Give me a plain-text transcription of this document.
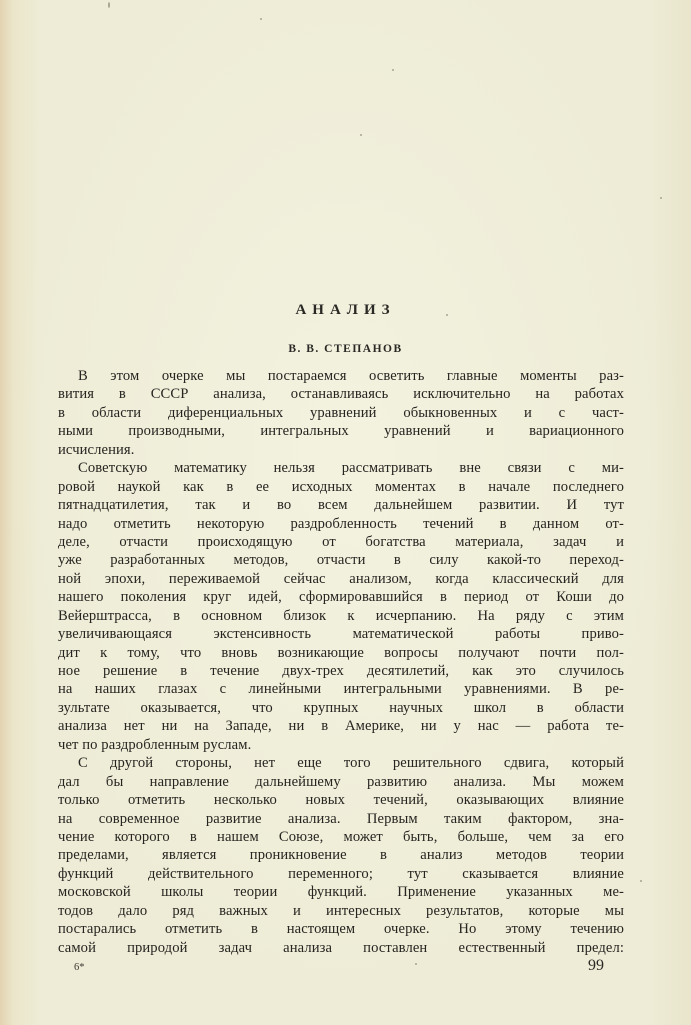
АНАЛИЗ
В. В. СТЕПАНОВ
В этом очерке мы постараемся осветить главные моменты раз-
вития в СССР анализа, останавливаясь исключительно на работах
в области диференциальных уравнений обыкновенных и с част-
ными производными, интегральных уравнений и вариационного
исчисления.
Советскую математику нельзя рассматривать вне связи с ми-
ровой наукой как в ее исходных моментах в начале последнего
пятнадцатилетия, так и во всем дальнейшем развитии. И тут
надо отметить некоторую раздробленность течений в данном от-
деле, отчасти происходящую от богатства материала, задач и
уже разработанных методов, отчасти в силу какой-то переход-
ной эпохи, переживаемой сейчас анализом, когда классический для
нашего поколения круг идей, сформировавшийся в период от Коши до
Вейерштрасса, в основном близок к исчерпанию. На ряду с этим
увеличивающаяся экстенсивность математической работы приво-
дит к тому, что вновь возникающие вопросы получают почти пол-
ное решение в течение двух-трех десятилетий, как это случилось
на наших глазах с линейными интегральными уравнениями. В ре-
зультате оказывается, что крупных научных школ в области
анализа нет ни на Западе, ни в Америке, ни у нас — работа те-
чет по раздробленным руслам.
С другой стороны, нет еще того решительного сдвига, который
дал бы направление дальнейшему развитию анализа. Мы можем
только отметить несколько новых течений, оказывающих влияние
на современное развитие анализа. Первым таким фактором, зна-
чение которого в нашем Союзе, может быть, больше, чем за его
пределами, является проникновение в анализ методов теории
функций действительного переменного; тут сказывается влияние
московской школы теории функций. Применение указанных ме-
тодов дало ряд важных и интересных результатов, которые мы
постарались отметить в настоящем очерке. Но этому течению
самой природой задач анализа поставлен естественный предел:
6*	99
